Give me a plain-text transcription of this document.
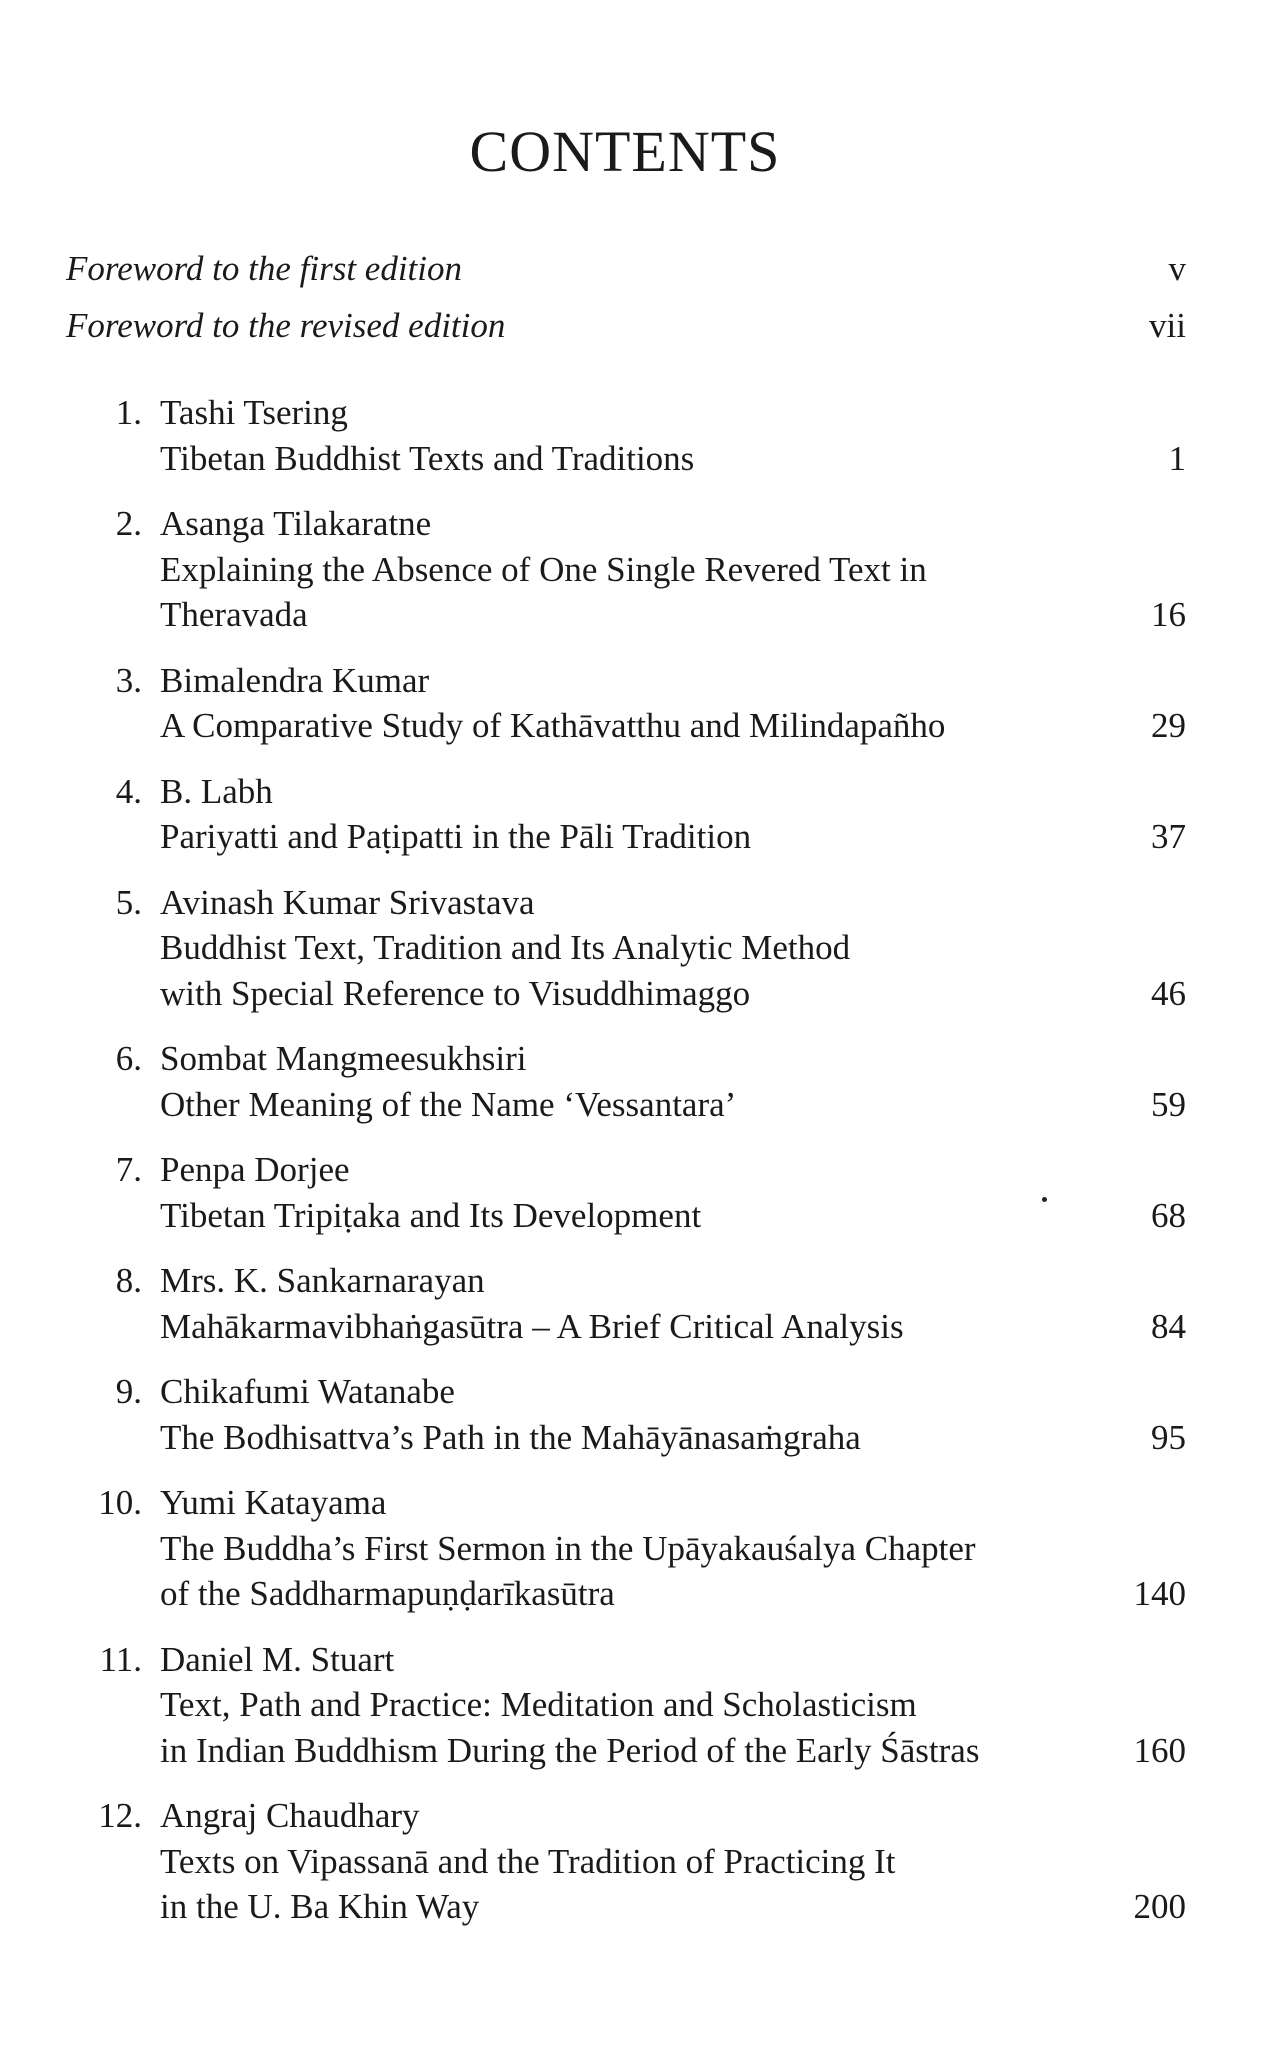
CONTENTS
Foreword to the first edition	v
Foreword to the revised edition	vii
1. Tashi Tsering
Tibetan Buddhist Texts and Traditions	1
2. Asanga Tilakaratne
Explaining the Absence of One Single Revered Text in
Theravada	16
3. Bimalendra Kumar
A Comparative Study of Kathāvatthu and Milindapañho	29
4. B. Labh
Pariyatti and Paṭipatti in the Pāli Tradition	37
5. Avinash Kumar Srivastava
Buddhist Text, Tradition and Its Analytic Method
with Special Reference to Visuddhimaggo	46
6. Sombat Mangmeesukhsiri
Other Meaning of the Name ‘Vessantara’	59
7. Penpa Dorjee
Tibetan Tripiṭaka and Its Development	68
8. Mrs. K. Sankarnarayan
Mahākarmavibhaṅgasūtra – A Brief Critical Analysis	84
9. Chikafumi Watanabe
The Bodhisattva’s Path in the Mahāyānasaṁgraha	95
10. Yumi Katayama
The Buddha’s First Sermon in the Upāyakauśalya Chapter
of the Saddharmapuṇḍarīkasūtra	140
11. Daniel M. Stuart
Text, Path and Practice: Meditation and Scholasticism
in Indian Buddhism During the Period of the Early Śāstras	160
12. Angraj Chaudhary
Texts on Vipassanā and the Tradition of Practicing It
in the U. Ba Khin Way	200
